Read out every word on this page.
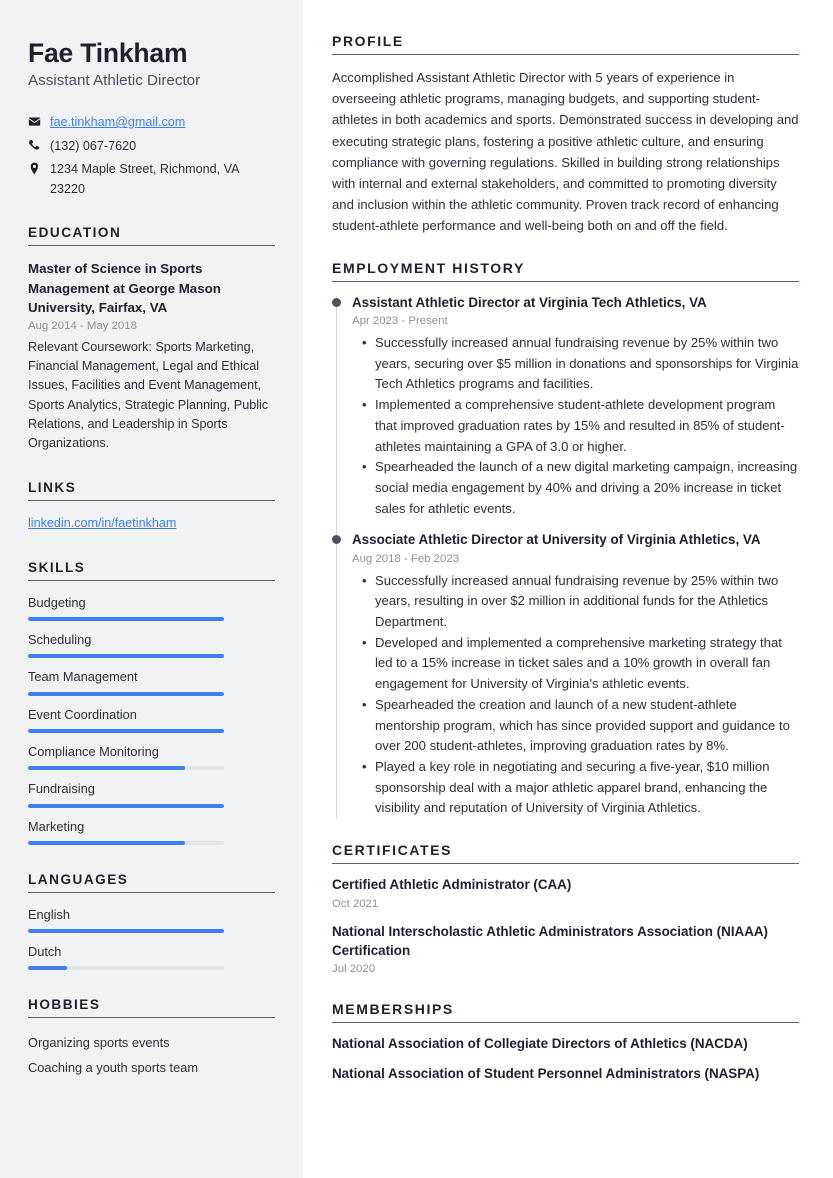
Fae Tinkham
Assistant Athletic Director
fae.tinkham@gmail.com
(132) 067-7620
1234 Maple Street, Richmond, VA 23220
EDUCATION
Master of Science in Sports Management at George Mason University, Fairfax, VA
Aug 2014 - May 2018
Relevant Coursework: Sports Marketing, Financial Management, Legal and Ethical Issues, Facilities and Event Management, Sports Analytics, Strategic Planning, Public Relations, and Leadership in Sports Organizations.
LINKS

linkedin.com/in/faetinkham

SKILLS
Budgeting
Scheduling
Team Management
Event Coordination
Compliance Monitoring
Fundraising
Marketing
LANGUAGES
English
Dutch
HOBBIES
Organizing sports events
Coaching a youth sports team
PROFILE

Accomplished Assistant Athletic Director with 5 years of experience in overseeing athletic programs, managing budgets, and supporting student-athletes in both academics and sports. Demonstrated success in developing and executing strategic plans, fostering a positive athletic culture, and ensuring compliance with governing regulations. Skilled in building strong relationships with internal and external stakeholders, and committed to promoting diversity and inclusion within the athletic community. Proven track record of enhancing student-athlete performance and well-being both on and off the field.

EMPLOYMENT HISTORY
Assistant Athletic Director at Virginia Tech Athletics, VA
Apr 2023 - Present
• Successfully increased annual fundraising revenue by 25% within two years, securing over $5 million in donations and sponsorships for Virginia Tech Athletics programs and facilities.
• Implemented a comprehensive student-athlete development program that improved graduation rates by 15% and resulted in 85% of student-athletes maintaining a GPA of 3.0 or higher.
• Spearheaded the launch of a new digital marketing campaign, increasing social media engagement by 40% and driving a 20% increase in ticket sales for athletic events.
Associate Athletic Director at University of Virginia Athletics, VA
Aug 2018 - Feb 2023
• Successfully increased annual fundraising revenue by 25% within two years, resulting in over $2 million in additional funds for the Athletics Department.
• Developed and implemented a comprehensive marketing strategy that led to a 15% increase in ticket sales and a 10% growth in overall fan engagement for University of Virginia's athletic events.
• Spearheaded the creation and launch of a new student-athlete mentorship program, which has since provided support and guidance to over 200 student-athletes, improving graduation rates by 8%.
• Played a key role in negotiating and securing a five-year, $10 million sponsorship deal with a major athletic apparel brand, enhancing the visibility and reputation of University of Virginia Athletics.
CERTIFICATES
Certified Athletic Administrator (CAA)
Oct 2021
National Interscholastic Athletic Administrators Association (NIAAA) Certification
Jul 2020
MEMBERSHIPS
National Association of Collegiate Directors of Athletics (NACDA)
National Association of Student Personnel Administrators (NASPA)
